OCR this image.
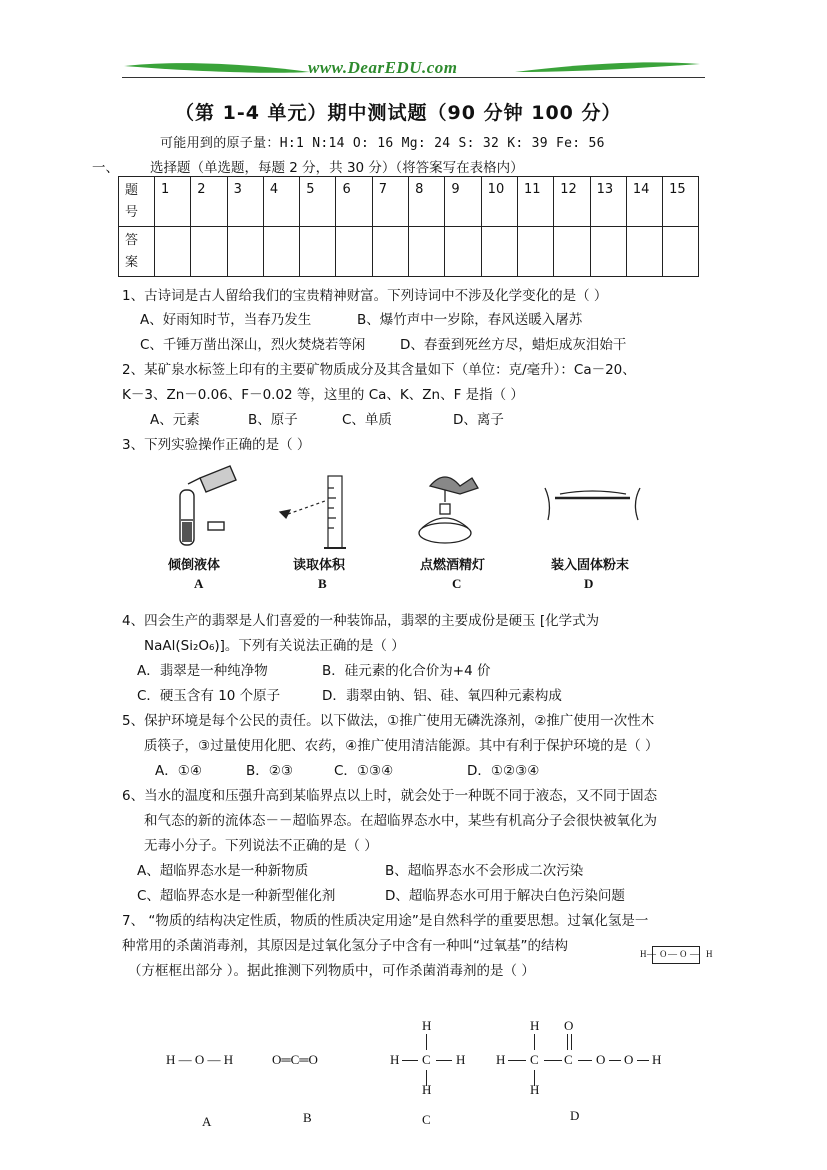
www.DearEDU.com
（第 1-4 单元）期中测试题（90 分钟 100 分）
可能用到的原子量：H:1 N:14 O: 16 Mg: 24 S: 32 K: 39 Fe: 56
一、 选择题（单选题，每题 2 分，共 30 分）（将答案写在表格内）
题号	1	2	3	4	5	6	7	8	9	10	11	12	13	14	15

答案															

1、古诗词是古人留给我们的宝贵精神财富。下列诗词中不涉及化学变化的是（ ）
A、好雨知时节，当春乃发生	B、爆竹声中一岁除，春风送暖入屠苏
C、千锤万凿出深山，烈火焚烧若等闲	D、春蚕到死丝方尽，蜡炬成灰泪始干
2、某矿泉水标签上印有的主要矿物质成分及其含量如下（单位：克/毫升）：Ca－20、
K－3、Zn－0.06、F－0.02 等，这里的 Ca、K、Zn、F 是指（ ）
A、元素	B、原子	C、单质	D、离子
3、下列实验操作正确的是（ ）
倾倒液体	读取体积	点燃酒精灯	装入固体粉末
A	B	C	D
4、四会生产的翡翠是人们喜爱的一种装饰品，翡翠的主要成份是硬玉 [化学式为
NaAl(Si₂O₆)]。下列有关说法正确的是（ ）
A．翡翠是一种纯净物	B．硅元素的化合价为+4 价
C．硬玉含有 10 个原子	D．翡翠由钠、铝、硅、氧四种元素构成
5、保护环境是每个公民的责任。以下做法，①推广使用无磷洗涤剂，②推广使用一次性木
质筷子，③过量使用化肥、农药，④推广使用清洁能源。其中有利于保护环境的是（ ）
A．①④	B．②③	C．①③④	D．①②③④
6、当水的温度和压强升高到某临界点以上时，就会处于一种既不同于液态，又不同于固态
和气态的新的流体态－－超临界态。在超临界态水中，某些有机高分子会很快被氧化为
无毒小分子。下列说法不正确的是（ ）
A、超临界态水是一种新物质	B、超临界态水不会形成二次污染
C、超临界态水是一种新型催化剂	D、超临界态水可用于解决白色污染问题
7、 “物质的结构决定性质，物质的性质决定用途”是自然科学的重要思想。过氧化氢是一
种常用的杀菌消毒剂，其原因是过氧化氢分子中含有一种叫“过氧基”的结构
（方框框出部分 ）。据此推测下列物质中，可作杀菌消毒剂的是（ ）
H — O — O — H
H — O — H	O═C═O
H
H C H
H
H O
H C C O O H
H
A	B	C	D
